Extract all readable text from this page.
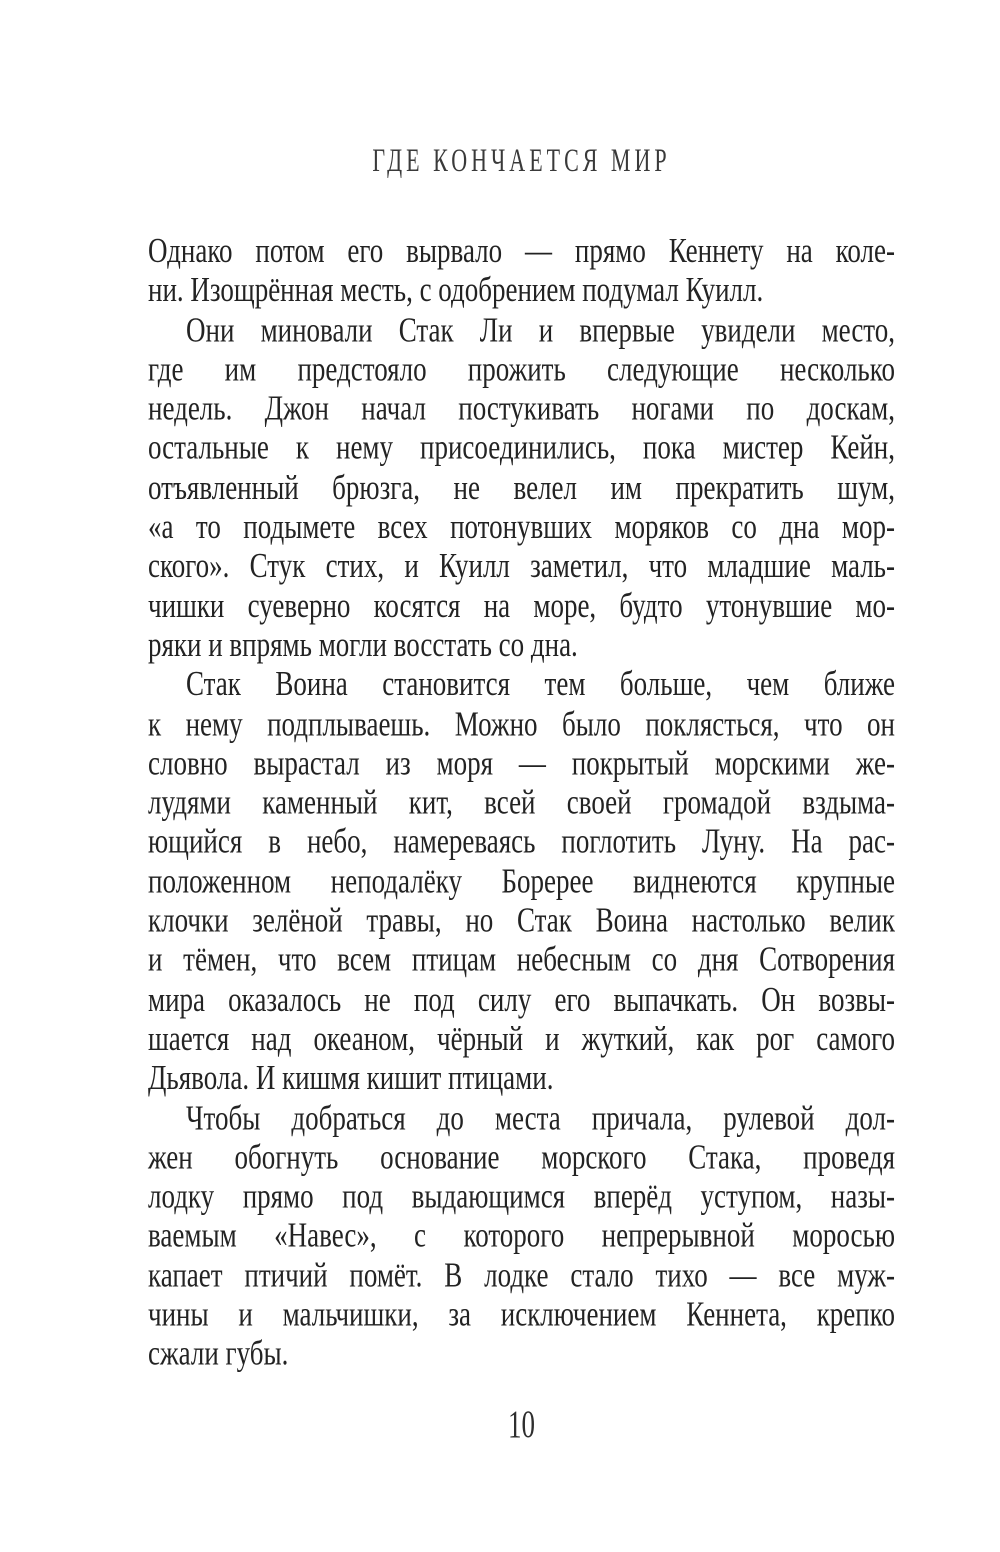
ГДЕ КОНЧАЕТСЯ МИР
Однако потом его вырвало — прямо Кеннету на коле-
ни. Изощрённая месть, с одобрением подумал Куилл.
Они миновали Стак Ли и впервые увидели место,
где им предстояло прожить следующие несколько
недель. Джон начал постукивать ногами по доскам,
остальные к нему присоединились, пока мистер Кейн,
отъявленный брюзга, не велел им прекратить шум,
«а то подымете всех потонувших моряков со дна мор-
ского». Стук стих, и Куилл заметил, что младшие маль-
чишки суеверно косятся на море, будто утонувшие мо-
ряки и впрямь могли восстать со дна.
Стак Воина становится тем больше, чем ближе
к нему подплываешь. Можно было поклясться, что он
словно вырастал из моря — покрытый морскими же-
лудями каменный кит, всей своей громадой вздыма-
ющийся в небо, намереваясь поглотить Луну. На рас-
положенном неподалёку Боререе виднеются крупные
клочки зелёной травы, но Стак Воина настолько велик
и тёмен, что всем птицам небесным со дня Сотворения
мира оказалось не под силу его выпачкать. Он возвы-
шается над океаном, чёрный и жуткий, как рог самого
Дьявола. И кишмя кишит птицами.
Чтобы добраться до места причала, рулевой дол-
жен обогнуть основание морского Стака, проведя
лодку прямо под выдающимся вперёд уступом, назы-
ваемым «Навес», с которого непрерывной моросью
капает птичий помёт. В лодке стало тихо — все муж-
чины и мальчишки, за исключением Кеннета, крепко
сжали губы.
10
